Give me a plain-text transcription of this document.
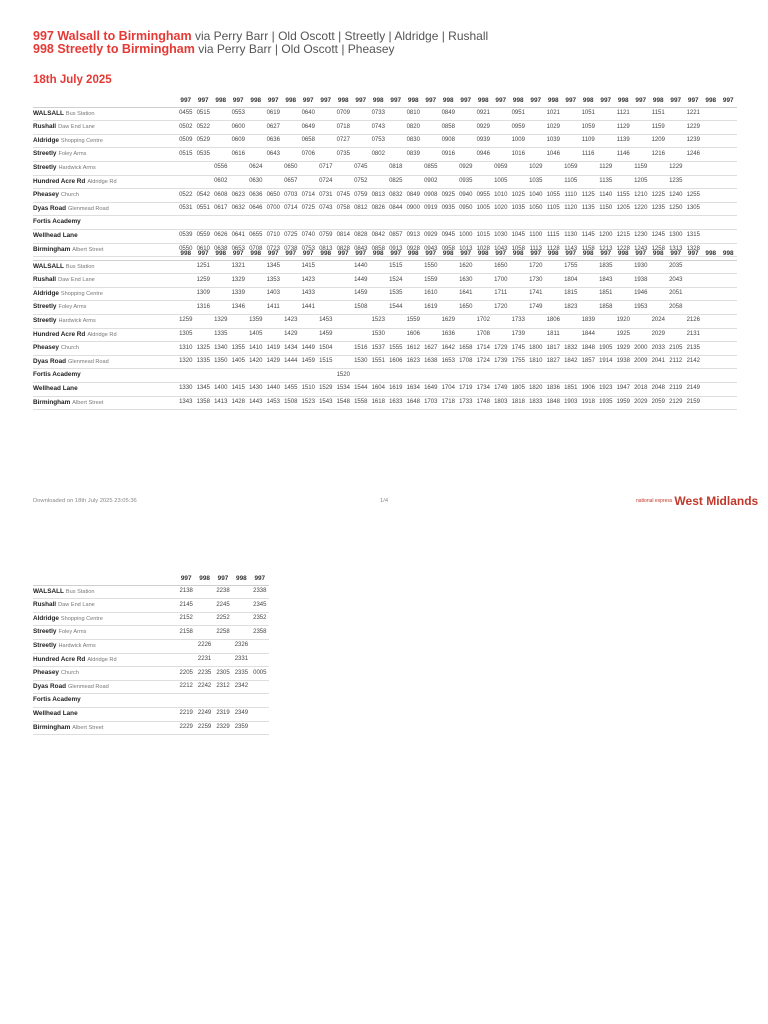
997 Walsall to Birmingham via Perry Barr | Old Oscott | Streetly | Aldridge | Rushall
998 Streetly to Birmingham via Perry Barr | Old Oscott | Pheasey
18th July 2025
	997	997	998	997	998	997	998	997	997	998	997	998	997	998	997	998	997	998	997	998	997	998	997	998	997	998	997	998	997	997	998	997
WALSALL Bus Station	0455	0515		0553		0619		0640		0709		0733		0810		0849		0921		0951		1021		1051		1121		1151		1221		
Rushall Daw End Lane	0502	0522		0600		0627		0649		0718		0743		0820		0858		0929		0959		1029		1059		1129		1159		1229		
Aldridge Shopping Centre	0509	0529		0609		0636		0658		0727		0753		0830		0908		0939		1009		1039		1109		1139		1209		1239		
Streetly Foley Arms	0515	0535		0616		0643		0706		0735		0802		0839		0916		0946		1016		1046		1116		1146		1216		1246		
Streetly Hardwick Arms			0556		0624		0650		0717		0745		0818		0855		0929		0959		1029		1059		1129		1159		1229			
Hundred Acre Rd Aldridge Rd			0602		0630		0657		0724		0752		0825		0902		0935		1005		1035		1105		1135		1205		1235			
Pheasey Church	0522	0542	0608	0623	0636	0650	0703	0714	0731	0745	0759	0813	0832	0849	0908	0925	0940	0955	1010	1025	1040	1055	1110	1125	1140	1155	1210	1225	1240	1255		
Dyas Road Glenmead Road	0531	0551	0617	0632	0646	0700	0714	0725	0743	0758	0812	0826	0844	0900	0919	0935	0950	1005	1020	1035	1050	1105	1120	1135	1150	1205	1220	1235	1250	1305		
Fortis Academy																																
Wellhead Lane	0539	0559	0626	0641	0655	0710	0725	0740	0759	0814	0828	0842	0857	0913	0929	0945	1000	1015	1030	1045	1100	1115	1130	1145	1200	1215	1230	1245	1300	1315		
Birmingham Albert Street	0550	0610	0638	0653	0708	0723	0738	0753	0813	0828	0843	0858	0913	0928	0943	0958	1013	1028	1043	1058	1113	1128	1143	1158	1213	1228	1243	1258	1313	1328		
	998	997	998	997	998	997	997	997	998	997	997	998	997	998	997	998	997	998	997	998	997	998	997	998	997	998	997	998	997	997	998	998
WALSALL Bus Station		1251		1321		1345		1415			1440		1515		1550		1620		1650		1720		1755		1835		1930		2035			
Rushall Daw End Lane		1259		1329		1353		1423			1449		1524		1559		1630		1700		1730		1804		1843		1938		2043			
Aldridge Shopping Centre		1309		1339		1403		1433			1459		1535		1610		1641		1711		1741		1815		1851		1946		2051			
Streetly Foley Arms		1316		1346		1411		1441			1508		1544		1619		1650		1720		1749		1823		1858		1953		2058			
Streetly Hardwick Arms	1259		1329		1359		1423		1453			1523		1559		1629		1702		1733		1806		1839		1920		2024		2126		
Hundred Acre Rd Aldridge Rd	1305		1335		1405		1429		1459			1530		1606		1636		1708		1739		1811		1844		1925		2029		2131		
Pheasey Church	1310	1325	1340	1355	1410	1419	1434	1449	1504		1516	1537	1555	1612	1627	1642	1658	1714	1729	1745	1800	1817	1832	1848	1905	1929	2000	2033	2105	2135		
Dyas Road Glenmead Road	1320	1335	1350	1405	1420	1429	1444	1459	1515		1530	1551	1606	1623	1638	1653	1708	1724	1739	1755	1810	1827	1842	1857	1914	1938	2009	2041	2112	2142		
Fortis Academy										1520																						
Wellhead Lane	1330	1345	1400	1415	1430	1440	1455	1510	1529	1534	1544	1604	1619	1634	1649	1704	1719	1734	1749	1805	1820	1836	1851	1906	1923	1947	2018	2048	2119	2149		
Birmingham Albert Street	1343	1358	1413	1428	1443	1453	1508	1523	1543	1548	1558	1618	1633	1648	1703	1718	1733	1748	1803	1818	1833	1848	1903	1918	1935	1959	2029	2059	2129	2159		
	997	998	997	998	997
WALSALL Bus Station	2138		2238		2338
Rushall Daw End Lane	2145		2245		2345
Aldridge Shopping Centre	2152		2252		2352
Streetly Foley Arms	2158		2258		2358
Streetly Hardwick Arms		2226		2326	
Hundred Acre Rd Aldridge Rd		2231		2331	
Pheasey Church	2205	2235	2305	2335	0005
Dyas Road Glenmead Road	2212	2242	2312	2342	
Fortis Academy					
Wellhead Lane	2219	2249	2319	2349	
Birmingham Albert Street	2229	2259	2329	2359	
Downloaded on 18th July 2025 23:05:36	1/4	national express West Midlands
